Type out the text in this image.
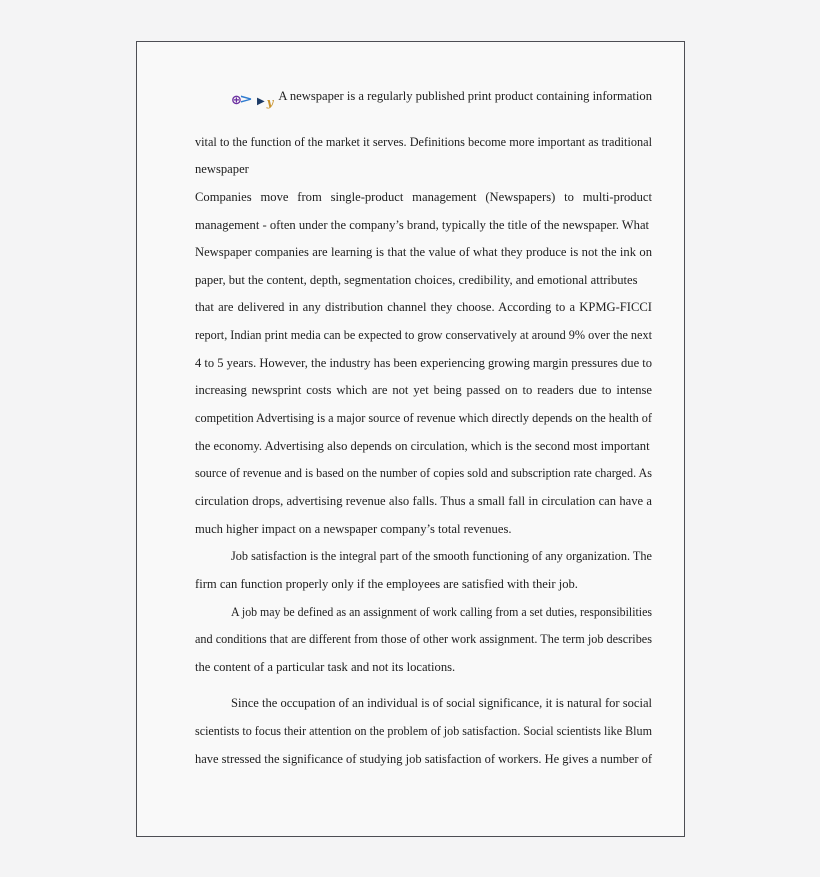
⊕> ▶ y A newspaper is a regularly published print product containing information
vital to the function of the market it serves. Definitions become more important as traditional
newspaper
Companies move from single-product management (Newspapers) to multi-product
management - often under the company’s brand, typically the title of the newspaper. What
Newspaper companies are learning is that the value of what they produce is not the ink on
paper, but the content, depth, segmentation choices, credibility, and emotional attributes
that are delivered in any distribution channel they choose. According to a KPMG-FICCI
report, Indian print media can be expected to grow conservatively at around 9% over the next
4 to 5 years. However, the industry has been experiencing growing margin pressures due to
increasing newsprint costs which are not yet being passed on to readers due to intense
competition Advertising is a major source of revenue which directly depends on the health of
the economy. Advertising also depends on circulation, which is the second most important
source of revenue and is based on the number of copies sold and subscription rate charged. As
circulation drops, advertising revenue also falls. Thus a small fall in circulation can have a
much higher impact on a newspaper company’s total revenues.
Job satisfaction is the integral part of the smooth functioning of any organization. The
firm can function properly only if the employees are satisfied with their job.
A job may be defined as an assignment of work calling from a set duties, responsibilities
and conditions that are different from those of other work assignment. The term job describes
the content of a particular task and not its locations.
Since the occupation of an individual is of social significance, it is natural for social
scientists to focus their attention on the problem of job satisfaction. Social scientists like Blum
have stressed the significance of studying job satisfaction of workers. He gives a number of
